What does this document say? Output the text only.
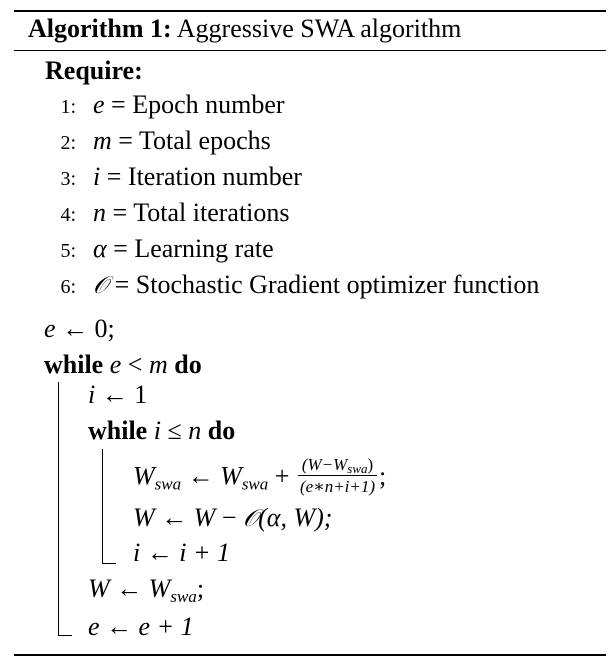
Algorithm 1: Aggressive SWA algorithm
Require:
1: e = Epoch number
2: m = Total epochs
3: i = Iteration number
4: n = Total iterations
5: α = Learning rate
6: 𝒪 = Stochastic Gradient optimizer function
e ← 0;
while e < m do
i ← 1
while i ≤ n do
$W_{swa}$ ← $W_{swa} + \frac{(W-W_{swa})}{(e∗n+i+1)}$ ;
W ← W − 𝒪(α, W);
i ← i + 1
W ← $W_{swa}$;
e ← e + 1
